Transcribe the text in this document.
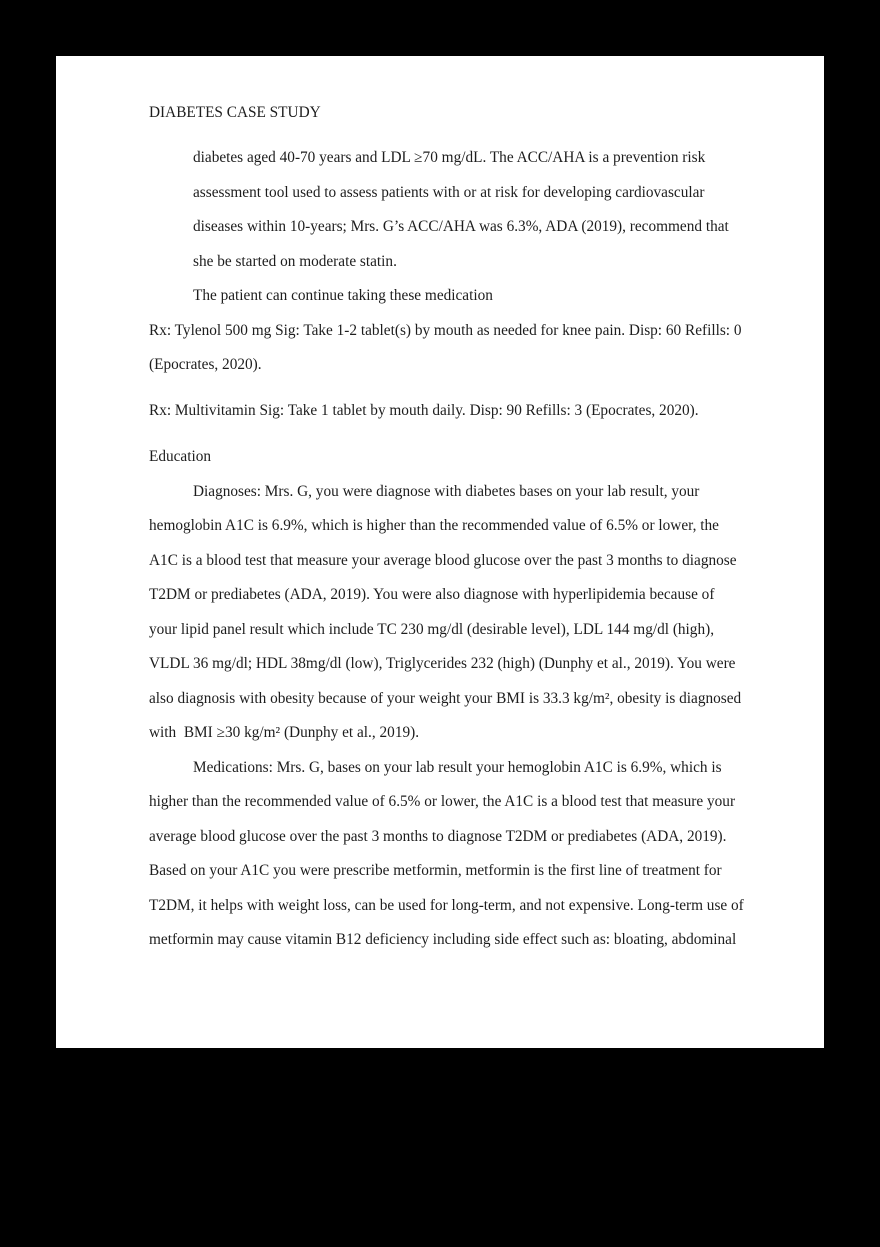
DIABETES CASE STUDY
diabetes aged 40-70 years and LDL ≥70 mg/dL. The ACC/AHA is a prevention risk
assessment tool used to assess patients with or at risk for developing cardiovascular
diseases within 10-years; Mrs. G’s ACC/AHA was 6.3%, ADA (2019), recommend that
she be started on moderate statin.
The patient can continue taking these medication
Rx: Tylenol 500 mg Sig: Take 1-2 tablet(s) by mouth as needed for knee pain. Disp: 60 Refills: 0
(Epocrates, 2020).
Rx: Multivitamin Sig: Take 1 tablet by mouth daily. Disp: 90 Refills: 3 (Epocrates, 2020).
Education
Diagnoses: Mrs. G, you were diagnose with diabetes bases on your lab result, your
hemoglobin A1C is 6.9%, which is higher than the recommended value of 6.5% or lower, the
A1C is a blood test that measure your average blood glucose over the past 3 months to diagnose
T2DM or prediabetes (ADA, 2019). You were also diagnose with hyperlipidemia because of
your lipid panel result which include TC 230 mg/dl (desirable level), LDL 144 mg/dl (high),
VLDL 36 mg/dl; HDL 38mg/dl (low), Triglycerides 232 (high) (Dunphy et al., 2019). You were
also diagnosis with obesity because of your weight your BMI is 33.3 kg/m², obesity is diagnosed
with  BMI ≥30 kg/m² (Dunphy et al., 2019).
Medications: Mrs. G, bases on your lab result your hemoglobin A1C is 6.9%, which is
higher than the recommended value of 6.5% or lower, the A1C is a blood test that measure your
average blood glucose over the past 3 months to diagnose T2DM or prediabetes (ADA, 2019).
Based on your A1C you were prescribe metformin, metformin is the first line of treatment for
T2DM, it helps with weight loss, can be used for long-term, and not expensive. Long-term use of
metformin may cause vitamin B12 deficiency including side effect such as: bloating, abdominal
